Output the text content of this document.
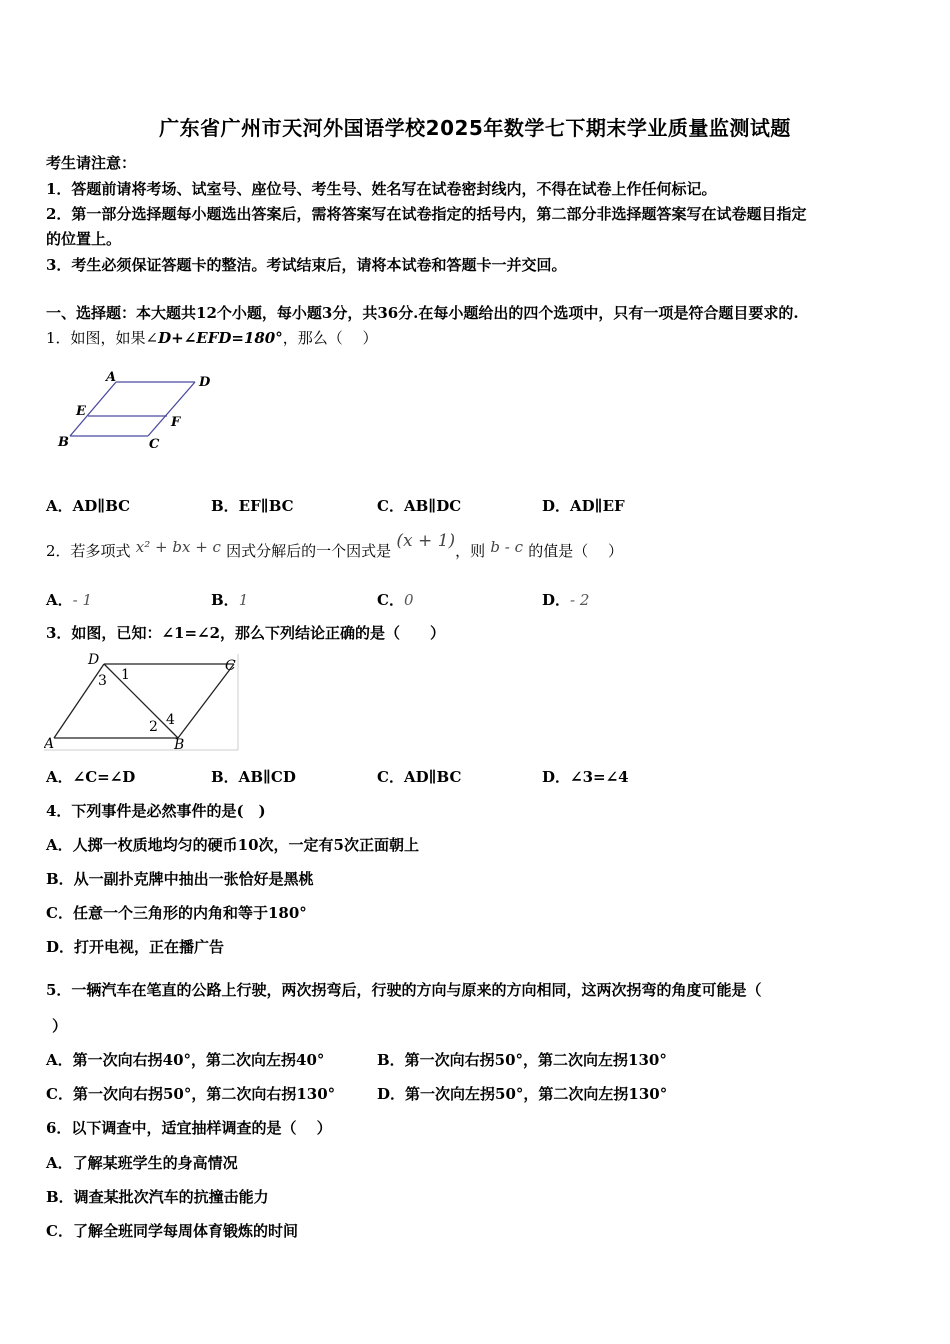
广东省广州市天河外国语学校2025年数学七下期末学业质量监测试题
考生请注意：
1．答题前请将考场、试室号、座位号、考生号、姓名写在试卷密封线内，不得在试卷上作任何标记。
2．第一部分选择题每小题选出答案后，需将答案写在试卷指定的括号内，第二部分非选择题答案写在试卷题目指定
的位置上。
3．考生必须保证答题卡的整洁。考试结束后，请将本试卷和答题卡一并交回。
一、选择题：本大题共12个小题，每小题3分，共36分.在每小题给出的四个选项中，只有一项是符合题目要求的.
1．如图，如果∠D+∠EFD=180°，那么（　 ）
A	D
E
F
B	C
A．AD∥BC	B．EF∥BC	C．AB∥DC	D．AD∥EF
2．若多项式 x² + bx + c 因式分解后的一个因式是 (x + 1)，则 b - c 的值是（　 ）
A．- 1	B．1	C．0	D．- 2
3．如图，已知：∠1=∠2，那么下列结论正确的是（　　）
D	C
A	B
1
3
2 4
A．∠C=∠D	B．AB∥CD	C．AD∥BC	D．∠3=∠4
4．下列事件是必然事件的是(　)
A．人掷一枚质地均匀的硬币10次，一定有5次正面朝上
B．从一副扑克牌中抽出一张恰好是黑桃
C．任意一个三角形的内角和等于180°
D．打开电视，正在播广告
5．一辆汽车在笔直的公路上行驶，两次拐弯后，行驶的方向与原来的方向相同，这两次拐弯的角度可能是（
）
A．第一次向右拐40°，第二次向左拐40°	B．第一次向右拐50°，第二次向左拐130°
C．第一次向右拐50°，第二次向右拐130°	D．第一次向左拐50°，第二次向左拐130°
6．以下调查中，适宜抽样调查的是（　 ）
A．了解某班学生的身高情况
B．调查某批次汽车的抗撞击能力
C．了解全班同学每周体育锻炼的时间
